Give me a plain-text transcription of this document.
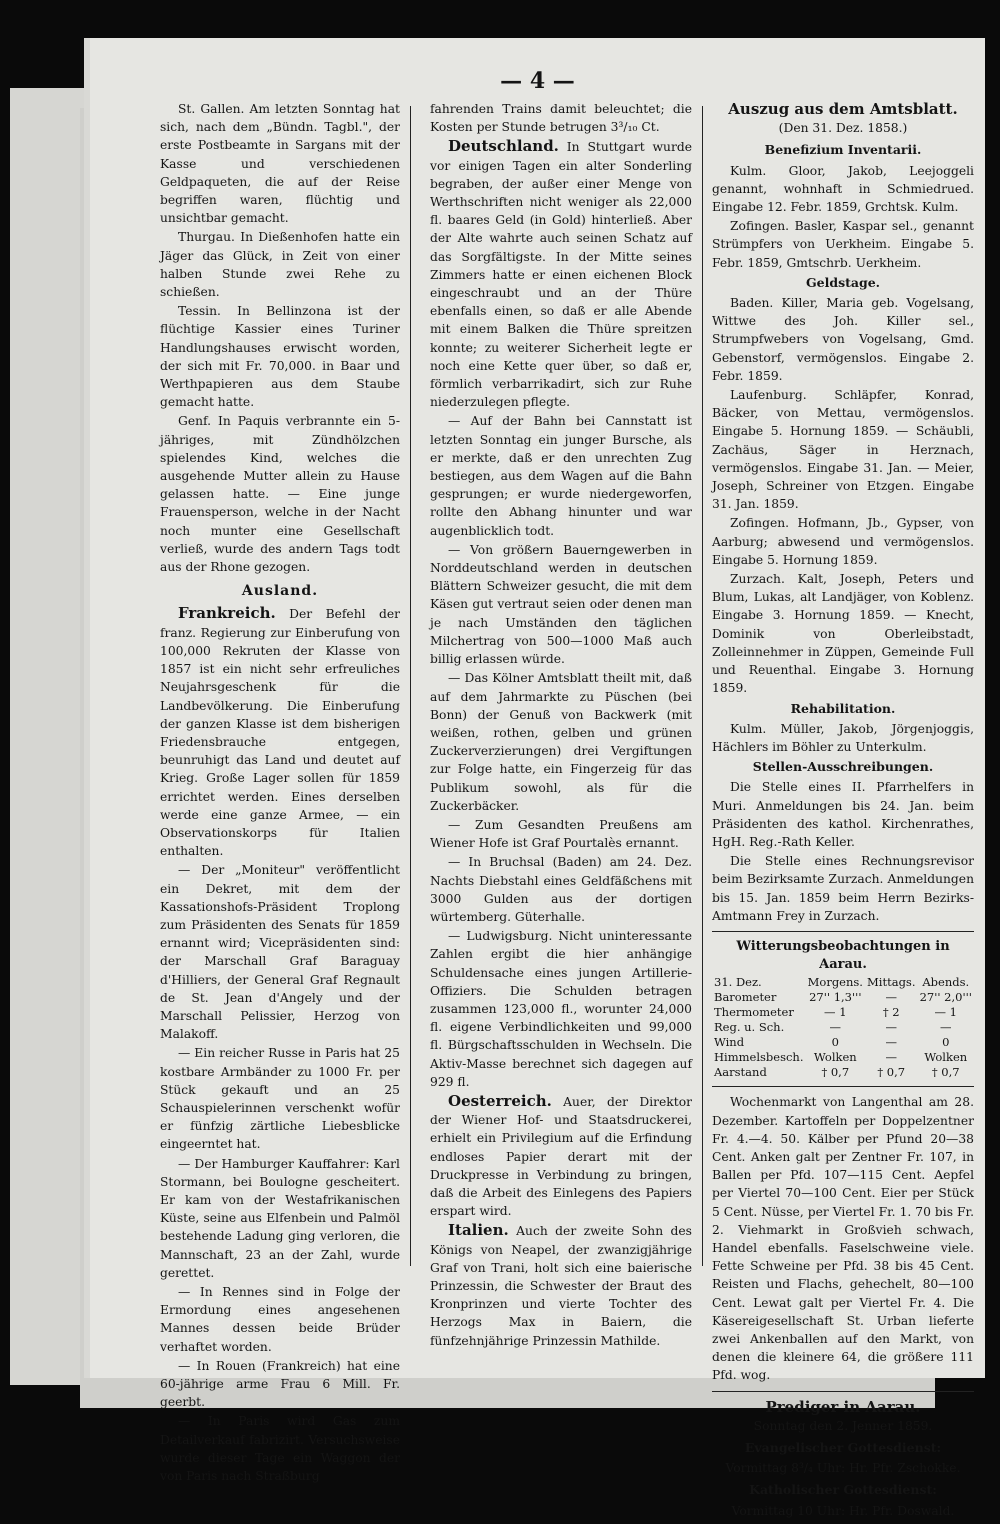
— 4 —

St. Gallen. Am letzten Sonntag hat sich, nach dem „Bündn. Tagbl.", der erste Postbeamte in Sargans mit der Kasse und verschiedenen Geldpaqueten, die auf der Reise begriffen waren, flüchtig und unsichtbar gemacht.

Thurgau. In Dießenhofen hatte ein Jäger das Glück, in Zeit von einer halben Stunde zwei Rehe zu schießen.

Tessin. In Bellinzona ist der flüchtige Kassier eines Turiner Handlungshauses erwischt worden, der sich mit Fr. 70,000. in Baar und Werthpapieren aus dem Staube gemacht hatte.

Genf. In Paquis verbrannte ein 5-jähriges, mit Zündhölzchen spielendes Kind, welches die ausgehende Mutter allein zu Hause gelassen hatte. — Eine junge Frauensperson, welche in der Nacht noch munter eine Gesellschaft verließ, wurde des andern Tags todt aus der Rhone gezogen.

Ausland.

Frankreich. Der Befehl der franz. Regierung zur Einberufung von 100,000 Rekruten der Klasse von 1857 ist ein nicht sehr erfreuliches Neujahrsgeschenk für die Landbevölkerung. Die Einberufung der ganzen Klasse ist dem bisherigen Friedensbrauche entgegen, beunruhigt das Land und deutet auf Krieg. Große Lager sollen für 1859 errichtet werden. Eines derselben werde eine ganze Armee, — ein Observationskorps für Italien enthalten.

— Der „Moniteur" veröffentlicht ein Dekret, mit dem der Kassationshofs-Präsident Troplong zum Präsidenten des Senats für 1859 ernannt wird; Vicepräsidenten sind: der Marschall Graf Baraguay d'Hilliers, der General Graf Regnault de St. Jean d'Angely und der Marschall Pelissier, Herzog von Malakoff.

— Ein reicher Russe in Paris hat 25 kostbare Armbänder zu 1000 Fr. per Stück gekauft und an 25 Schauspielerinnen verschenkt wofür er fünfzig zärtliche Liebesblicke eingeerntet hat.

— Der Hamburger Kauffahrer: Karl Stormann, bei Boulogne gescheitert. Er kam von der Westafrikanischen Küste, seine aus Elfenbein und Palmöl bestehende Ladung ging verloren, die Mannschaft, 23 an der Zahl, wurde gerettet.

— In Rennes sind in Folge der Ermordung eines angesehenen Mannes dessen beide Brüder verhaftet worden.

— In Rouen (Frankreich) hat eine 60-jährige arme Frau 6 Mill. Fr. geerbt.

— In Paris wird Gas zum Detailverkauf fabrizirt. Versuchsweise wurde dieser Tage ein Waggon der von Paris nach Straßburg

fahrenden Trains damit beleuchtet; die Kosten per Stunde betrugen 3³/₁₀ Ct.

Deutschland. In Stuttgart wurde vor einigen Tagen ein alter Sonderling begraben, der außer einer Menge von Werthschriften nicht weniger als 22,000 fl. baares Geld (in Gold) hinterließ. Aber der Alte wahrte auch seinen Schatz auf das Sorgfältigste. In der Mitte seines Zimmers hatte er einen eichenen Block eingeschraubt und an der Thüre ebenfalls einen, so daß er alle Abende mit einem Balken die Thüre spreitzen konnte; zu weiterer Sicherheit legte er noch eine Kette quer über, so daß er, förmlich verbarrikadirt, sich zur Ruhe niederzulegen pflegte.

— Auf der Bahn bei Cannstatt ist letzten Sonntag ein junger Bursche, als er merkte, daß er den unrechten Zug bestiegen, aus dem Wagen auf die Bahn gesprungen; er wurde niedergeworfen, rollte den Abhang hinunter und war augenblicklich todt.

— Von größern Bauerngewerben in Norddeutschland werden in deutschen Blättern Schweizer gesucht, die mit dem Käsen gut vertraut seien oder denen man je nach Umständen den täglichen Milchertrag von 500—1000 Maß auch billig erlassen würde.

— Das Kölner Amtsblatt theilt mit, daß auf dem Jahrmarkte zu Püschen (bei Bonn) der Genuß von Backwerk (mit weißen, rothen, gelben und grünen Zuckerverzierungen) drei Vergiftungen zur Folge hatte, ein Fingerzeig für das Publikum sowohl, als für die Zuckerbäcker.

— Zum Gesandten Preußens am Wiener Hofe ist Graf Pourtalès ernannt.

— In Bruchsal (Baden) am 24. Dez. Nachts Diebstahl eines Geldfäßchens mit 3000 Gulden aus der dortigen würtemberg. Güterhalle.

— Ludwigsburg. Nicht uninteressante Zahlen ergibt die hier anhängige Schuldensache eines jungen Artillerie-Offiziers. Die Schulden betragen zusammen 123,000 fl., worunter 24,000 fl. eigene Verbindlichkeiten und 99,000 fl. Bürgschaftsschulden in Wechseln. Die Aktiv-Masse berechnet sich dagegen auf 929 fl.

Oesterreich. Auer, der Direktor der Wiener Hof- und Staatsdruckerei, erhielt ein Privilegium auf die Erfindung endloses Papier derart mit der Druckpresse in Verbindung zu bringen, daß die Arbeit des Einlegens des Papiers erspart wird.

Italien. Auch der zweite Sohn des Königs von Neapel, der zwanzigjährige Graf von Trani, holt sich eine baierische Prinzessin, die Schwester der Braut des Kronprinzen und vierte Tochter des Herzogs Max in Baiern, die fünfzehnjährige Prinzessin Mathilde.

Auszug aus dem Amtsblatt.
(Den 31. Dez. 1858.)
Benefizium Inventarii.

Kulm. Gloor, Jakob, Leejoggeli genannt, wohnhaft in Schmiedrued. Eingabe 12. Febr. 1859, Grchtsk. Kulm.

Zofingen. Basler, Kaspar sel., genannt Strümpfers von Uerkheim. Eingabe 5. Febr. 1859, Gmtschrb. Uerkheim.

Geldstage.

Baden. Killer, Maria geb. Vogelsang, Wittwe des Joh. Killer sel., Strumpfwebers von Vogelsang, Gmd. Gebenstorf, vermögenslos. Eingabe 2. Febr. 1859.

Laufenburg. Schläpfer, Konrad, Bäcker, von Mettau, vermögenslos. Eingabe 5. Hornung 1859. — Schäubli, Zachäus, Säger in Herznach, vermögenslos. Eingabe 31. Jan. — Meier, Joseph, Schreiner von Etzgen. Eingabe 31. Jan. 1859.

Zofingen. Hofmann, Jb., Gypser, von Aarburg; abwesend und vermögenslos. Eingabe 5. Hornung 1859.

Zurzach. Kalt, Joseph, Peters und Blum, Lukas, alt Landjäger, von Koblenz. Eingabe 3. Hornung 1859. — Knecht, Dominik von Oberleibstadt, Zolleinnehmer in Züppen, Gemeinde Full und Reuenthal. Eingabe 3. Hornung 1859.

Rehabilitation.

Kulm. Müller, Jakob, Jörgenjoggis, Hächlers im Böhler zu Unterkulm.

Stellen-Ausschreibungen.

Die Stelle eines II. Pfarrhelfers in Muri. Anmeldungen bis 24. Jan. beim Präsidenten des kathol. Kirchenrathes, HgH. Reg.-Rath Keller.

Die Stelle eines Rechnungsrevisor beim Bezirksamte Zurzach. Anmeldungen bis 15. Jan. 1859 beim Herrn Bezirks-Amtmann Frey in Zurzach.

Witterungsbeobachtungen in Aarau.
31. Dez.	Morgens.	Mittags.	Abends.
Barometer	27'' 1,3'''	—	27'' 2,0'''
Thermometer	— 1	† 2	— 1
Reg. u. Sch.	—	—	—
Wind	0	—	0
Himmelsbesch.	Wolken	—	Wolken
Aarstand	† 0,7	† 0,7	† 0,7

Wochenmarkt von Langenthal am 28. Dezember. Kartoffeln per Doppelzentner Fr. 4.—4. 50. Kälber per Pfund 20—38 Cent. Anken galt per Zentner Fr. 107, in Ballen per Pfd. 107—115 Cent. Aepfel per Viertel 70—100 Cent. Eier per Stück 5 Cent. Nüsse, per Viertel Fr. 1. 70 bis Fr. 2. Viehmarkt in Großvieh schwach, Handel ebenfalls. Faselschweine viele. Fette Schweine per Pfd. 38 bis 45 Cent. Reisten und Flachs, gehechelt, 80—100 Cent. Lewat galt per Viertel Fr. 4. Die Käsereigesellschaft St. Urban lieferte zwei Ankenballen auf den Markt, von denen die kleinere 64, die größere 111 Pfd. wog.

Prediger in Aarau.
Sonntag den 2. Jenner 1859.
Evangelischer Gottesdienst:
Vormittag 8³/₄ Uhr: Hr. Pfr. Zschokke.
Katholischer Gottesdienst:
Vormittag 10 Uhr: Hr. Pfr. Doswald.
